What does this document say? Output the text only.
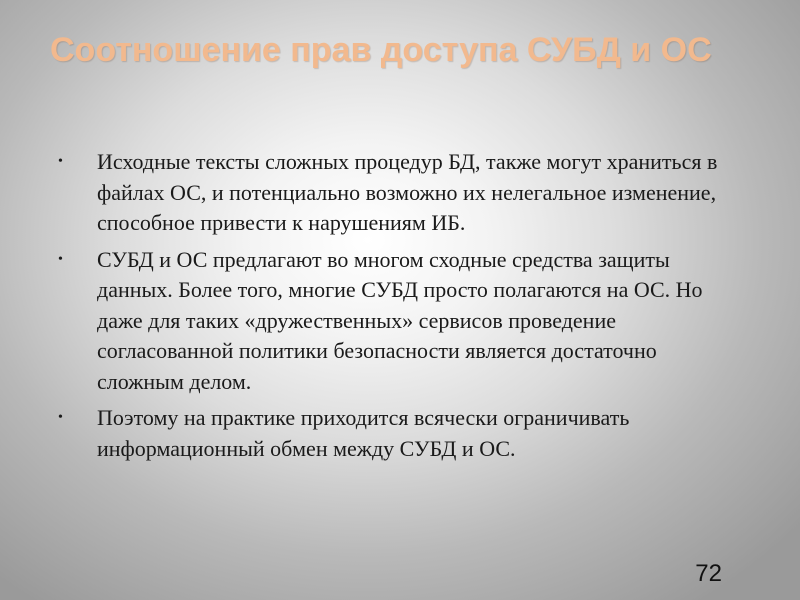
Соотношение прав доступа СУБД и ОС
• Исходные тексты сложных процедур БД, также могут храниться в файлах ОС, и потенциально возможно их нелегальное изменение, способное привести к нарушениям ИБ.
• СУБД и ОС предлагают во многом сходные средства защиты данных. Более того, многие СУБД просто полагаются на ОС. Но даже для таких «дружественных» сервисов проведение согласованной политики безопасности является достаточно сложным делом.
• Поэтому на практике приходится всячески ограничивать информационный обмен между СУБД и ОС.
72
